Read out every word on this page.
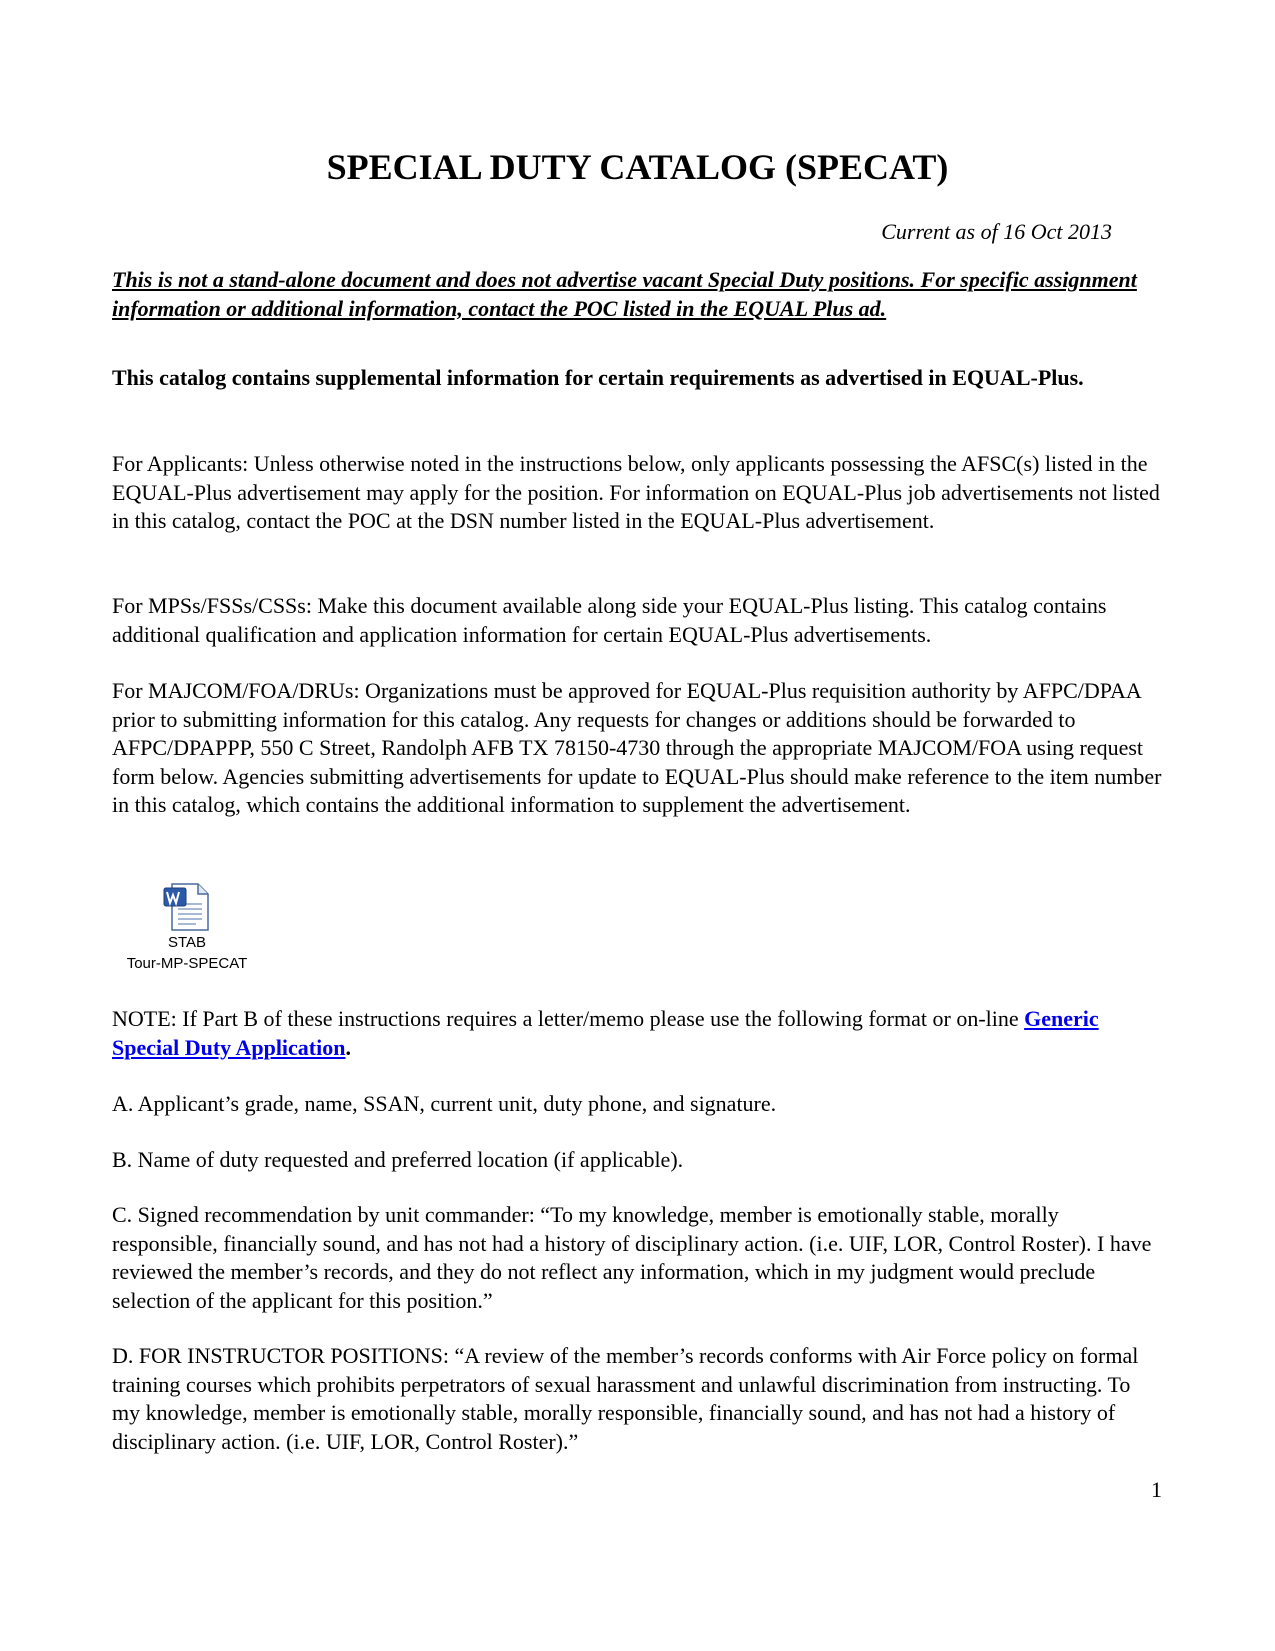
SPECIAL DUTY CATALOG (SPECAT)
Current as of 16 Oct 2013

This is not a stand-alone document and does not advertise vacant Special Duty positions. For specific assignment information or additional information, contact the POC listed in the EQUAL Plus ad.

This catalog contains supplemental information for certain requirements as advertised in EQUAL-Plus.

For Applicants: Unless otherwise noted in the instructions below, only applicants possessing the AFSC(s) listed in the EQUAL-Plus advertisement may apply for the position. For information on EQUAL-Plus job advertisements not listed in this catalog, contact the POC at the DSN number listed in the EQUAL-Plus advertisement.

For MPSs/FSSs/CSSs: Make this document available along side your EQUAL-Plus listing. This catalog contains additional qualification and application information for certain EQUAL-Plus advertisements.

For MAJCOM/FOA/DRUs: Organizations must be approved for EQUAL-Plus requisition authority by AFPC/DPAA prior to submitting information for this catalog. Any requests for changes or additions should be forwarded to AFPC/DPAPPP, 550 C Street, Randolph AFB TX 78150-4730 through the appropriate MAJCOM/FOA using request form below. Agencies submitting advertisements for update to EQUAL-Plus should make reference to the item number in this catalog, which contains the additional information to supplement the advertisement.

STAB
Tour-MP-SPECAT

NOTE: If Part B of these instructions requires a letter/memo please use the following format or on-line Generic Special Duty Application.

A. Applicant’s grade, name, SSAN, current unit, duty phone, and signature.

B. Name of duty requested and preferred location (if applicable).

C. Signed recommendation by unit commander: “To my knowledge, member is emotionally stable, morally responsible, financially sound, and has not had a history of disciplinary action. (i.e. UIF, LOR, Control Roster). I have reviewed the member’s records, and they do not reflect any information, which in my judgment would preclude selection of the applicant for this position.”

D. FOR INSTRUCTOR POSITIONS: “A review of the member’s records conforms with Air Force policy on formal training courses which prohibits perpetrators of sexual harassment and unlawful discrimination from instructing. To my knowledge, member is emotionally stable, morally responsible, financially sound, and has not had a history of disciplinary action. (i.e. UIF, LOR, Control Roster).”

1
